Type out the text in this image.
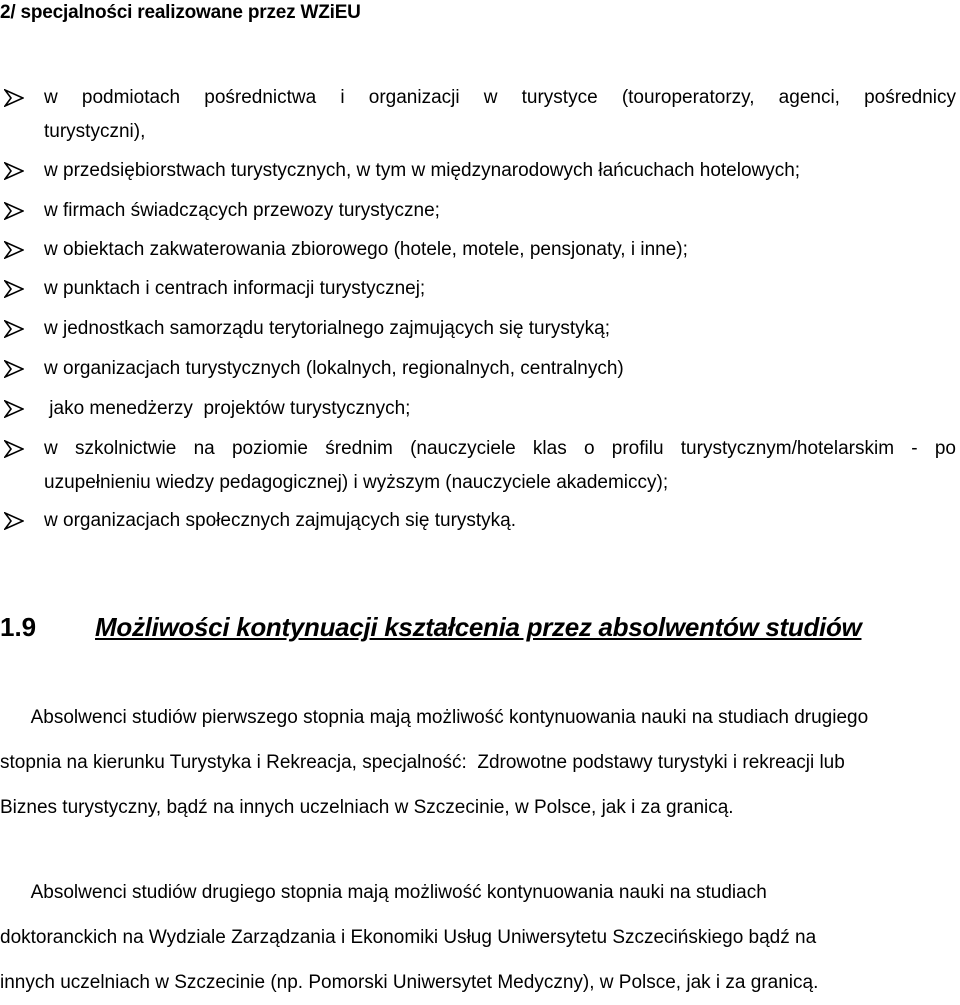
2/ specjalności realizowane przez WZiEU
w podmiotach pośrednictwa i organizacji w turystyce (touroperatorzy, agenci, pośrednicy
turystyczni),
w przedsiębiorstwach turystycznych, w tym w międzynarodowych łańcuchach hotelowych;
w firmach świadczących przewozy turystyczne;
w obiektach zakwaterowania zbiorowego (hotele, motele, pensjonaty, i inne);
w punktach i centrach informacji turystycznej;
w jednostkach samorządu terytorialnego zajmujących się turystyką;
w organizacjach turystycznych (lokalnych, regionalnych, centralnych)
jako menedżerzy  projektów turystycznych;
w szkolnictwie na poziomie średnim (nauczyciele klas o profilu turystycznym/hotelarskim - po
uzupełnieniu wiedzy pedagogicznej) i wyższym (nauczyciele akademiccy);
w organizacjach społecznych zajmujących się turystyką.
1.9 Możliwości kontynuacji kształcenia przez absolwentów studiów

Absolwenci studiów pierwszego stopnia mają możliwość kontynuowania nauki na studiach drugiego
stopnia na kierunku Turystyka i Rekreacja, specjalność:  Zdrowotne podstawy turystyki i rekreacji lub
Biznes turystyczny, bądź na innych uczelniach w Szczecinie, w Polsce, jak i za granicą.

Absolwenci studiów drugiego stopnia mają możliwość kontynuowania nauki na studiach
doktoranckich na Wydziale Zarządzania i Ekonomiki Usług Uniwersytetu Szczecińskiego bądź na
innych uczelniach w Szczecinie (np. Pomorski Uniwersytet Medyczny), w Polsce, jak i za granicą.
